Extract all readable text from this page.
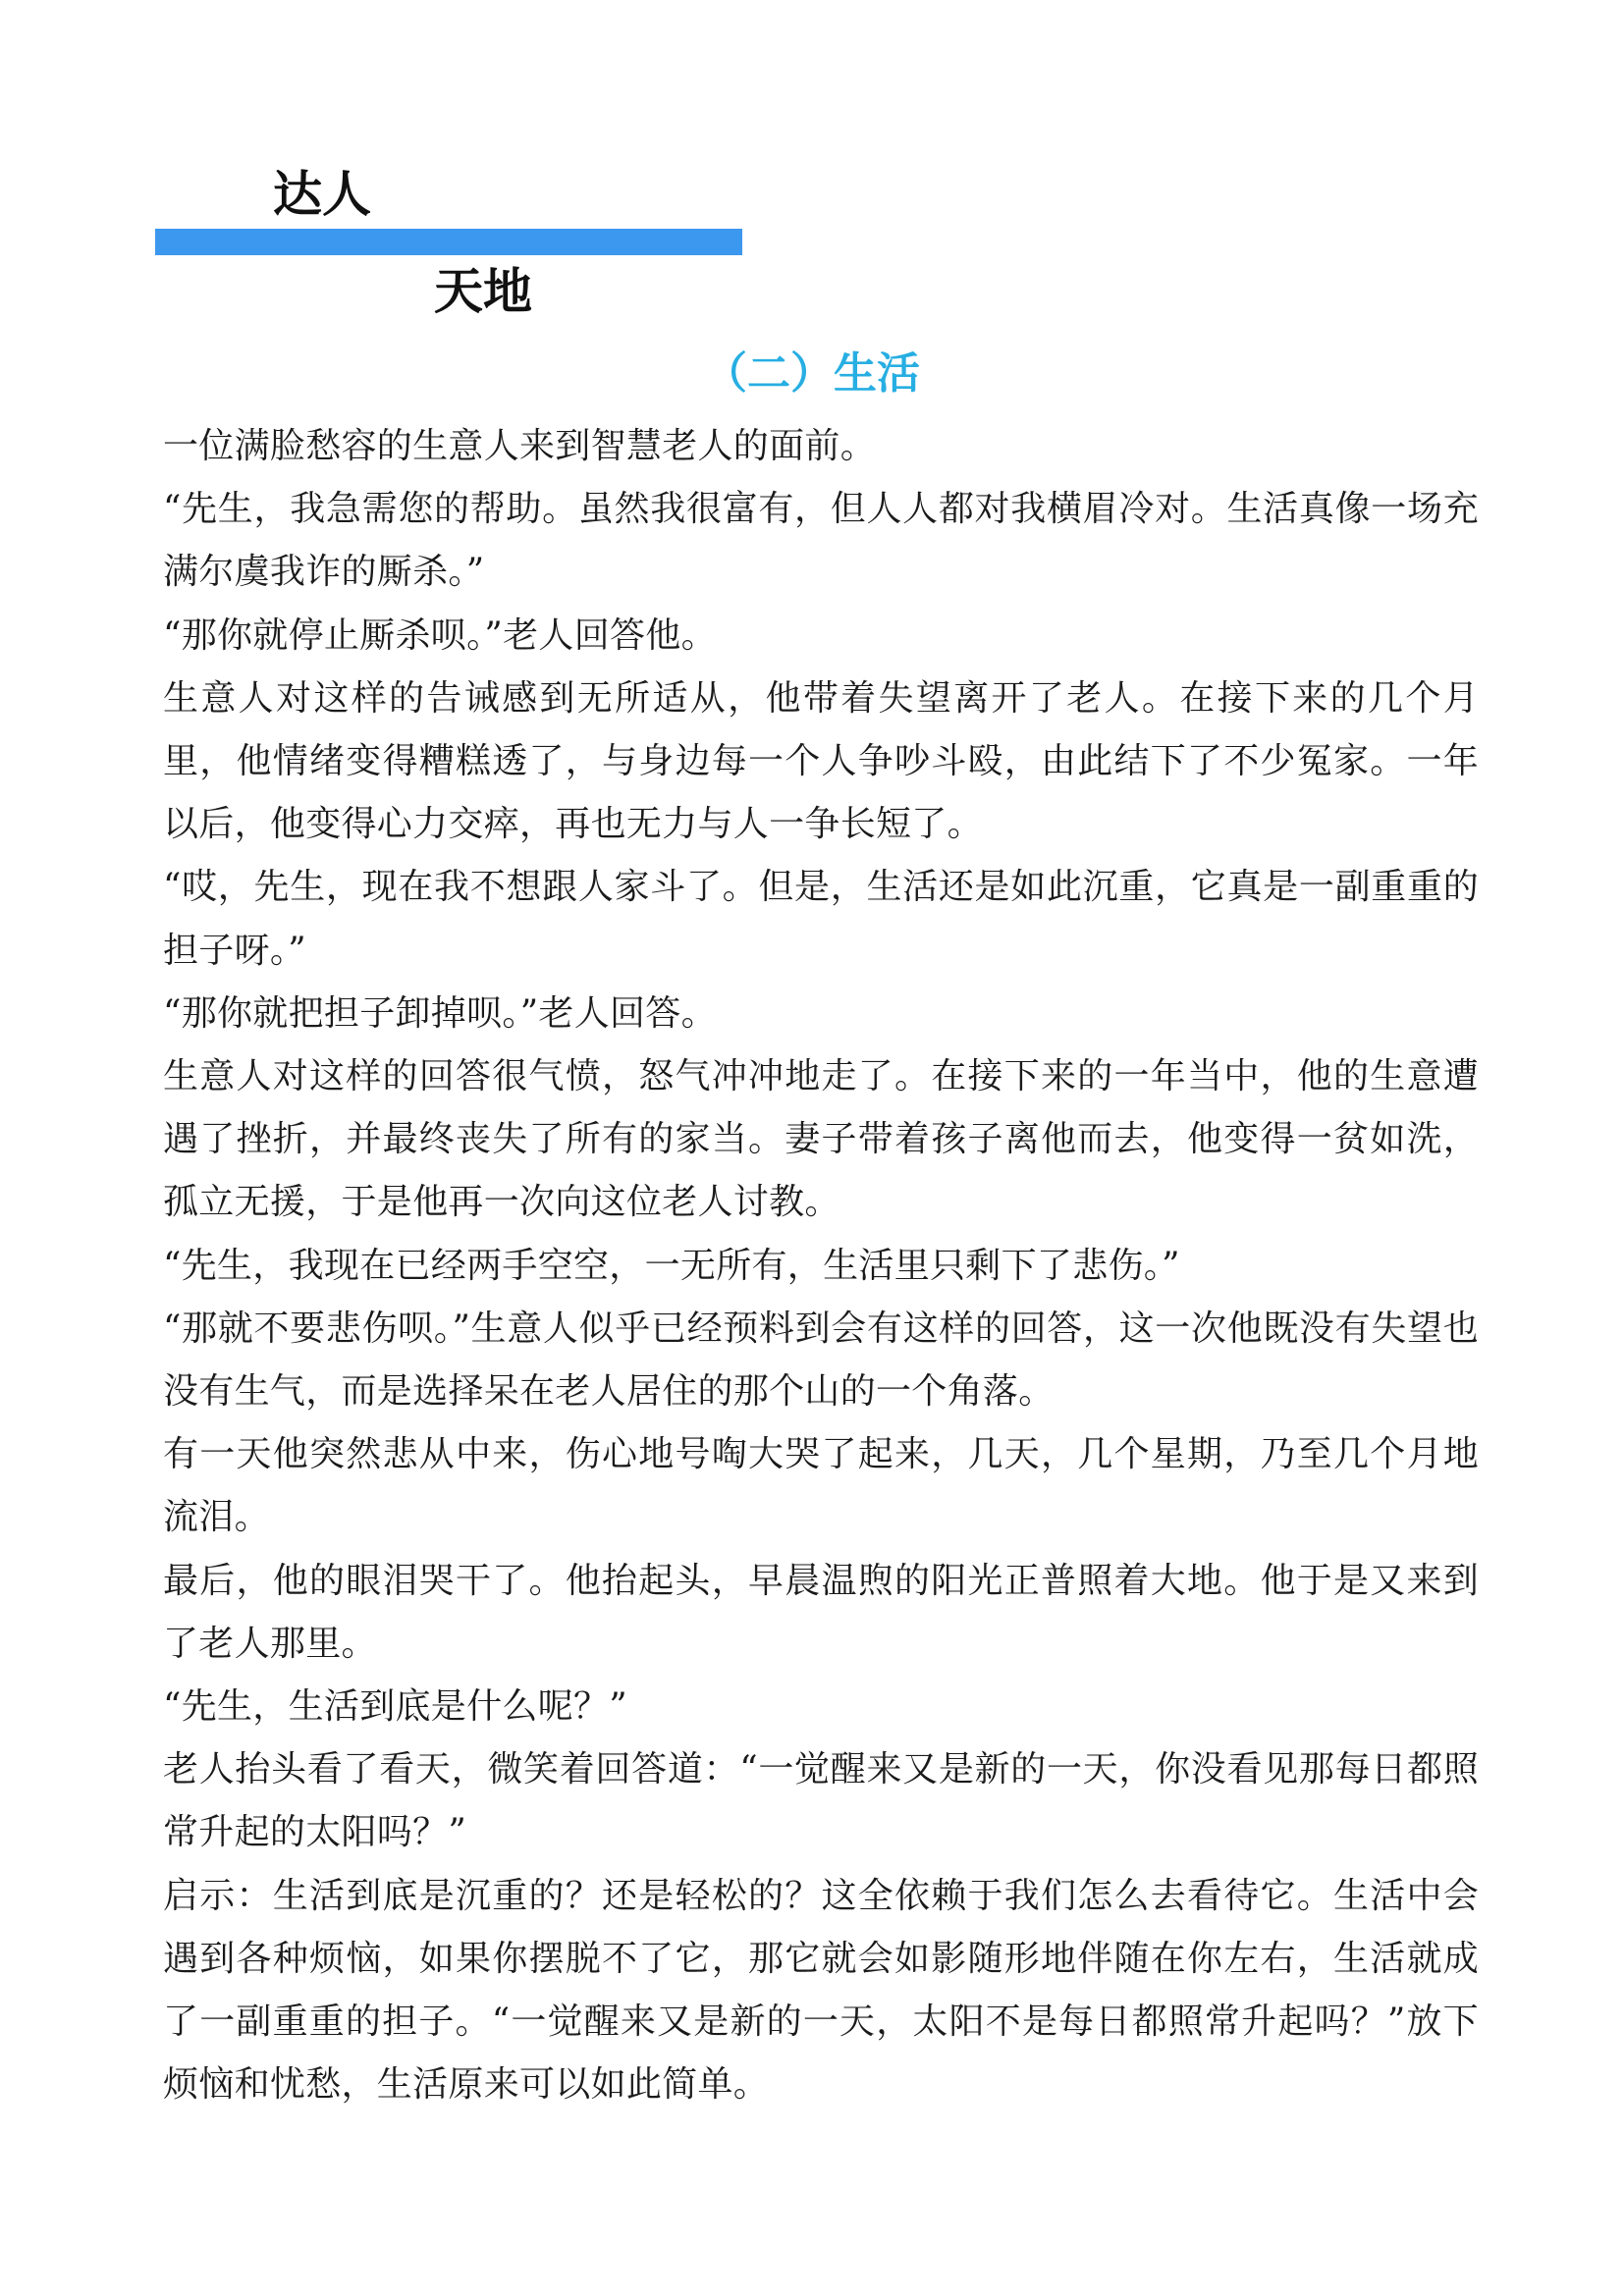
达人
天地
（二）生活

一位满脸愁容的生意人来到智慧老人的面前。

“先生，我急需您的帮助。虽然我很富有，但人人都对我横眉冷对。生活真像一场充满尔虞我诈的厮杀。”

“那你就停止厮杀呗。”老人回答他。

生意人对这样的告诫感到无所适从，他带着失望离开了老人。在接下来的几个月里，他情绪变得糟糕透了，与身边每一个人争吵斗殴，由此结下了不少冤家。一年以后，他变得心力交瘁，再也无力与人一争长短了。

“哎，先生，现在我不想跟人家斗了。但是，生活还是如此沉重，它真是一副重重的担子呀。”

“那你就把担子卸掉呗。”老人回答。

生意人对这样的回答很气愤，怒气冲冲地走了。在接下来的一年当中，他的生意遭遇了挫折，并最终丧失了所有的家当。妻子带着孩子离他而去，他变得一贫如洗，孤立无援，于是他再一次向这位老人讨教。

“先生，我现在已经两手空空，一无所有，生活里只剩下了悲伤。”

“那就不要悲伤呗。”生意人似乎已经预料到会有这样的回答，这一次他既没有失望也没有生气，而是选择呆在老人居住的那个山的一个角落。

有一天他突然悲从中来，伤心地号啕大哭了起来，几天，几个星期，乃至几个月地流泪。

最后，他的眼泪哭干了。他抬起头，早晨温煦的阳光正普照着大地。他于是又来到了老人那里。

“先生，生活到底是什么呢？”

老人抬头看了看天，微笑着回答道：“一觉醒来又是新的一天，你没看见那每日都照常升起的太阳吗？”

启示：生活到底是沉重的？还是轻松的？这全依赖于我们怎么去看待它。生活中会遇到各种烦恼，如果你摆脱不了它，那它就会如影随形地伴随在你左右，生活就成了一副重重的担子。“一觉醒来又是新的一天，太阳不是每日都照常升起吗？”放下烦恼和忧愁，生活原来可以如此简单。
